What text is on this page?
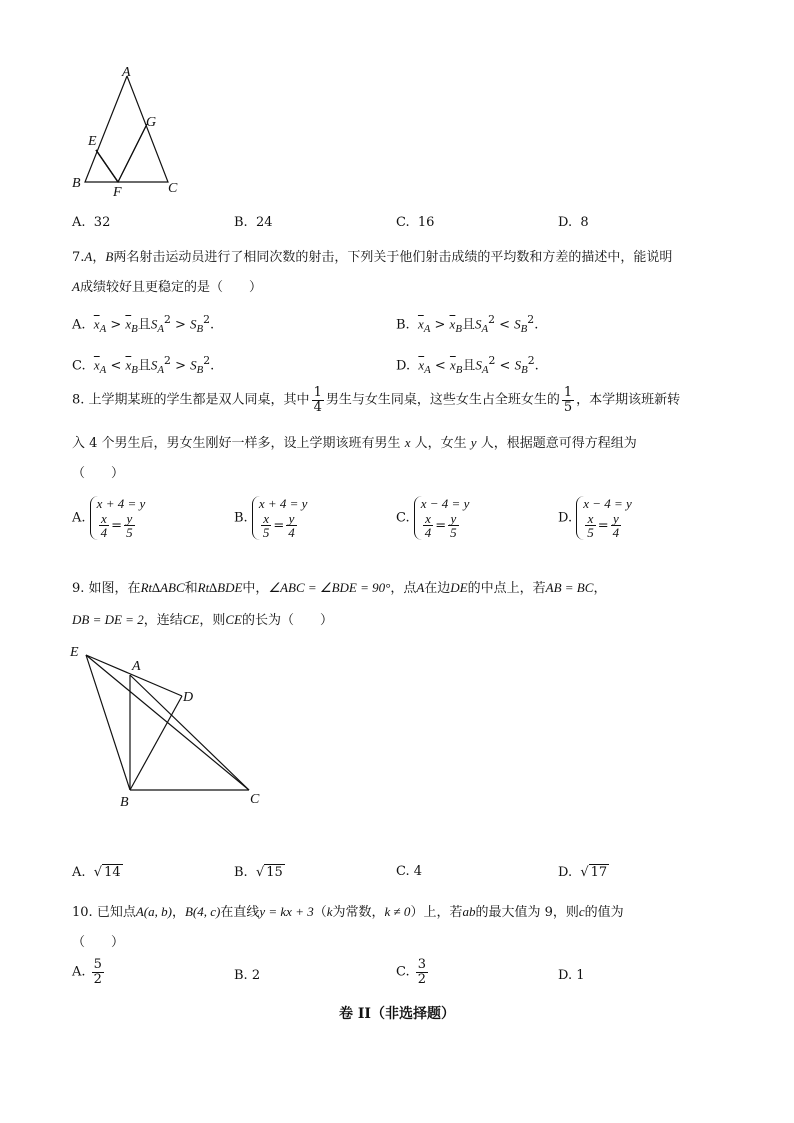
A
B	C
E
F
G
A. 32	B. 24	C. 16	D. 8
7.A，B两名射击运动员进行了相同次数的射击，下列关于他们射击成绩的平均数和方差的描述中，能说明
A成绩较好且更稳定的是（　　）
A. $\overline{x}_A > \overline{x}_B$且$S_A^2 > S_B^2$.	B. $\overline{x}_A > \overline{x}_B$且$S_A^2 < S_B^2$.
C. $\overline{x}_A < \overline{x}_B$且$S_A^2 > S_B^2$.	D. $\overline{x}_A < \overline{x}_B$且$S_A^2 < S_B^2$.
8. 上学期某班的学生都是双人同桌，其中 $\frac{1}{4}$ 男生与女生同桌，这些女生占全班女生的 $\frac{1}{5}$ ，本学期该班新转
入 4 个男生后，男女生刚好一样多，设上学期该班有男生 x 人，女生 y 人，根据题意可得方程组为
（　　）
A.
x + 4 = y
$\frac{x}{4} = \frac{y}{5}$	B.
x + 4 = y
$\frac{x}{5} = \frac{y}{4}$	C.
x − 4 = y
$\frac{x}{4} = \frac{y}{5}$	D.
x − 4 = y
$\frac{x}{5} = \frac{y}{4}$
9. 如图，在Rt∆ABC和Rt∆BDE中，∠ABC = ∠BDE = 90°，点A在边DE的中点上，若AB = BC，
DB = DE = 2，连结CE，则CE的长为（　　）
E
A
D
B	C
A.  √ 14	B.  √ 15	C. 4	D.  √ 17
10. 已知点A(a, b)，B(4, c)在直线y = kx + 3（k为常数，k ≠ 0）上，若ab的最大值为 9，则c的值为
（　　）
A. $\frac{5}{2}$	B. 2	C. $\frac{3}{2}$	D. 1
卷 II（非选择题）
